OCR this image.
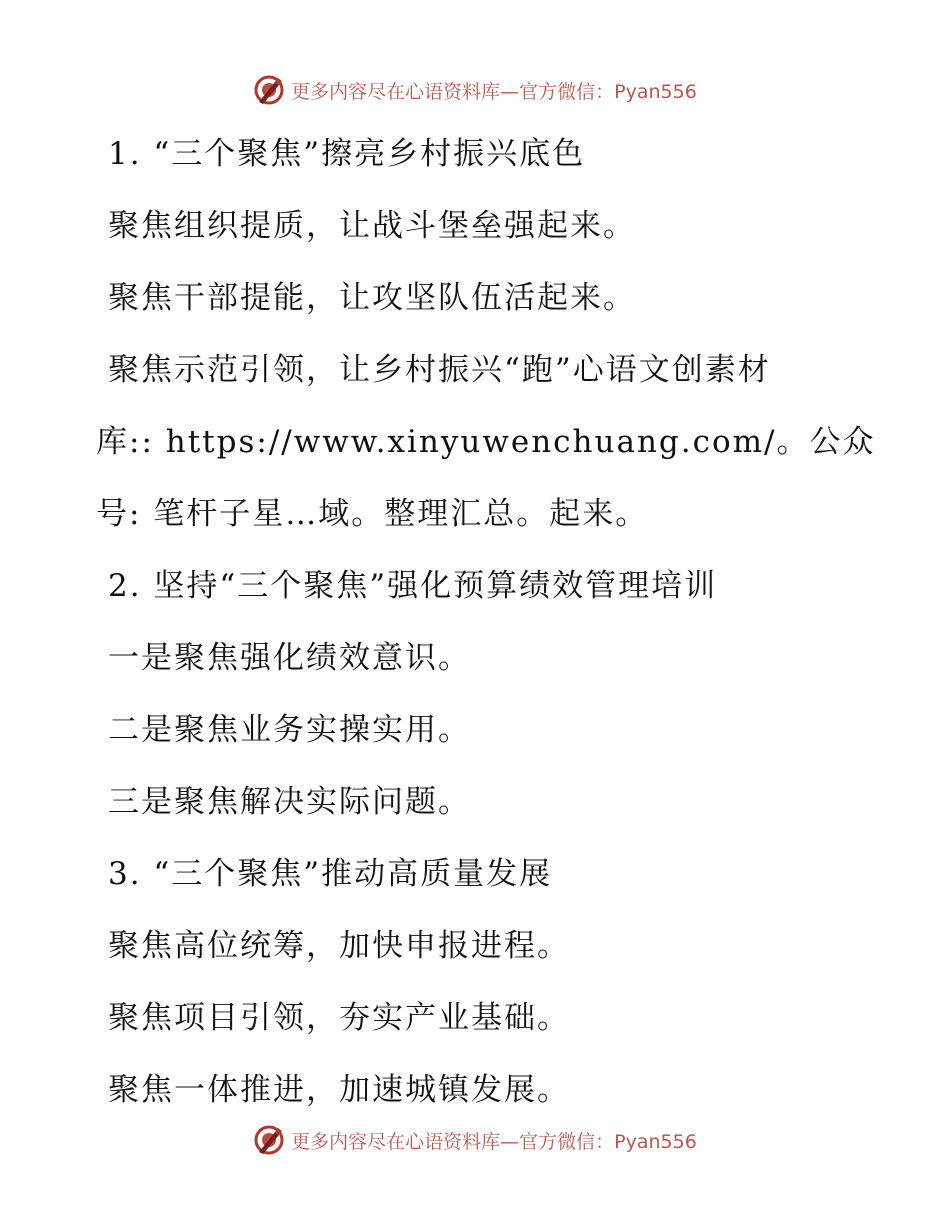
更多内容尽在心语资料库—官方微信：Pyan556
1. “三个聚焦”擦亮乡村振兴底色
聚焦组织提质，让战斗堡垒强起来。
聚焦干部提能，让攻坚队伍活起来。
聚焦示范引领，让乡村振兴“跑”心语文创素材
库:: https://www.xinyuwenchuang.com/。公众
号: 笔杆子星…域。整理汇总。起来。
2. 坚持“三个聚焦”强化预算绩效管理培训
一是聚焦强化绩效意识。
二是聚焦业务实操实用。
三是聚焦解决实际问题。
3. “三个聚焦”推动高质量发展
聚焦高位统筹，加快申报进程。
聚焦项目引领，夯实产业基础。
聚焦一体推进，加速城镇发展。
更多内容尽在心语资料库—官方微信：Pyan556
